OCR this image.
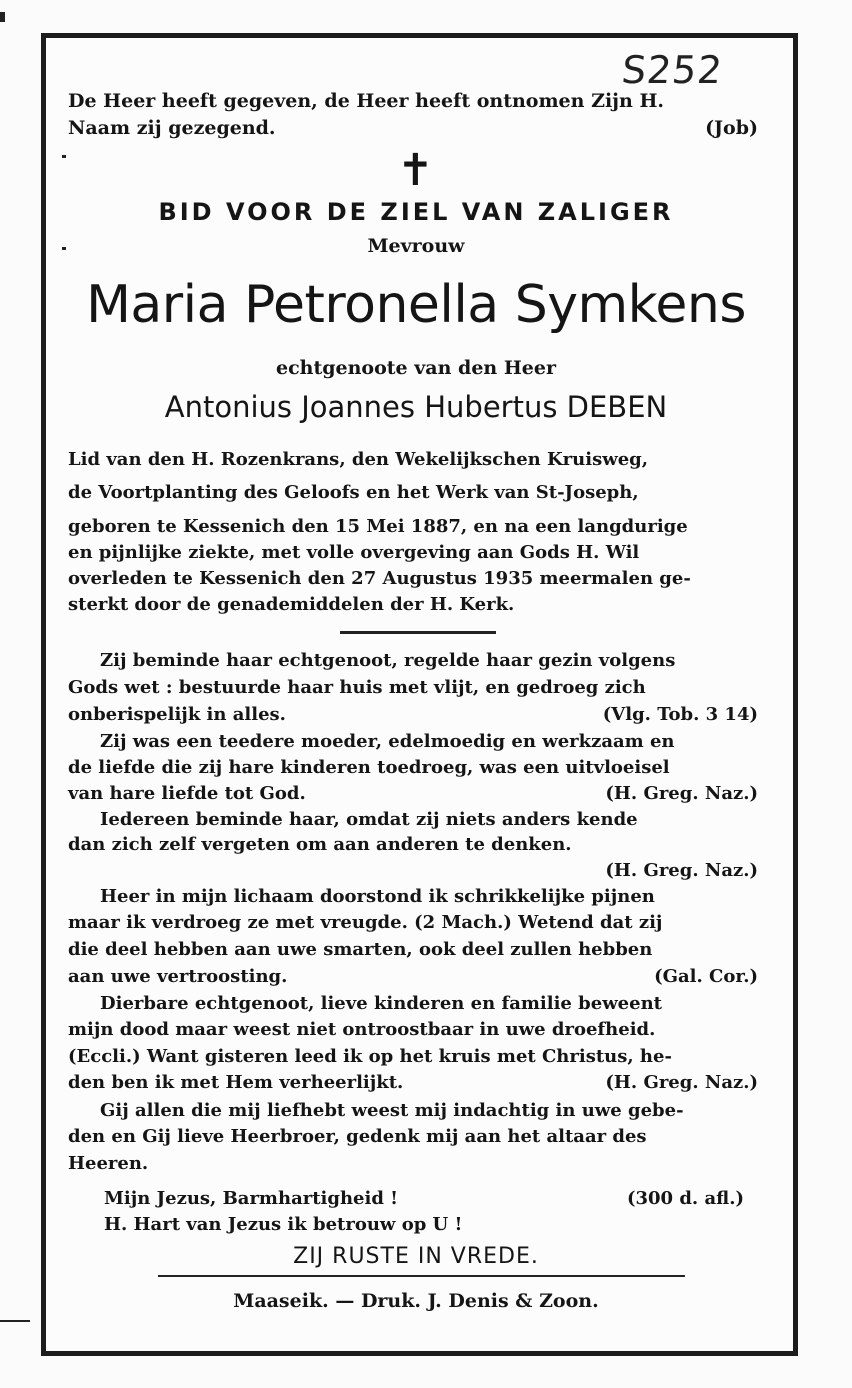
S252
De Heer heeft gegeven, de Heer heeft ontnomen Zijn H.
Naam zij gezegend.	(Job)
✝
BID VOOR DE ZIEL VAN ZALIGER
Mevrouw
Maria Petronella Symkens
echtgenoote van den Heer
Antonius Joannes Hubertus DEBEN
Lid van den H. Rozenkrans, den Wekelijkschen Kruisweg,
de Voortplanting des Geloofs en het Werk van St-Joseph,
geboren te Kessenich den 15 Mei 1887, en na een langdurige
en pijnlijke ziekte, met volle overgeving aan Gods H. Wil
overleden te Kessenich den 27 Augustus 1935 meermalen ge-
sterkt door de genademiddelen der H. Kerk.
Zij beminde haar echtgenoot, regelde haar gezin volgens
Gods wet : bestuurde haar huis met vlijt, en gedroeg zich
onberispelijk in alles.	(Vlg. Tob. 3 14)
Zij was een teedere moeder, edelmoedig en werkzaam en
de liefde die zij hare kinderen toedroeg, was een uitvloeisel
van hare liefde tot God.	(H. Greg. Naz.)
Iedereen beminde haar, omdat zij niets anders kende
dan zich zelf vergeten om aan anderen te denken.
(H. Greg. Naz.)
Heer in mijn lichaam doorstond ik schrikkelijke pijnen
maar ik verdroeg ze met vreugde. (2 Mach.) Wetend dat zij
die deel hebben aan uwe smarten, ook deel zullen hebben
aan uwe vertroosting.	(Gal. Cor.)
Dierbare echtgenoot, lieve kinderen en familie beweent
mijn dood maar weest niet ontroostbaar in uwe droefheid.
(Eccli.) Want gisteren leed ik op het kruis met Christus, he-
den ben ik met Hem verheerlijkt.	(H. Greg. Naz.)
Gij allen die mij liefhebt weest mij indachtig in uwe gebe-
den en Gij lieve Heerbroer, gedenk mij aan het altaar des
Heeren.
Mijn Jezus, Barmhartigheid !	(300 d. afl.)
H. Hart van Jezus ik betrouw op U !
ZIJ RUSTE IN VREDE.
Maaseik. — Druk. J. Denis & Zoon.
